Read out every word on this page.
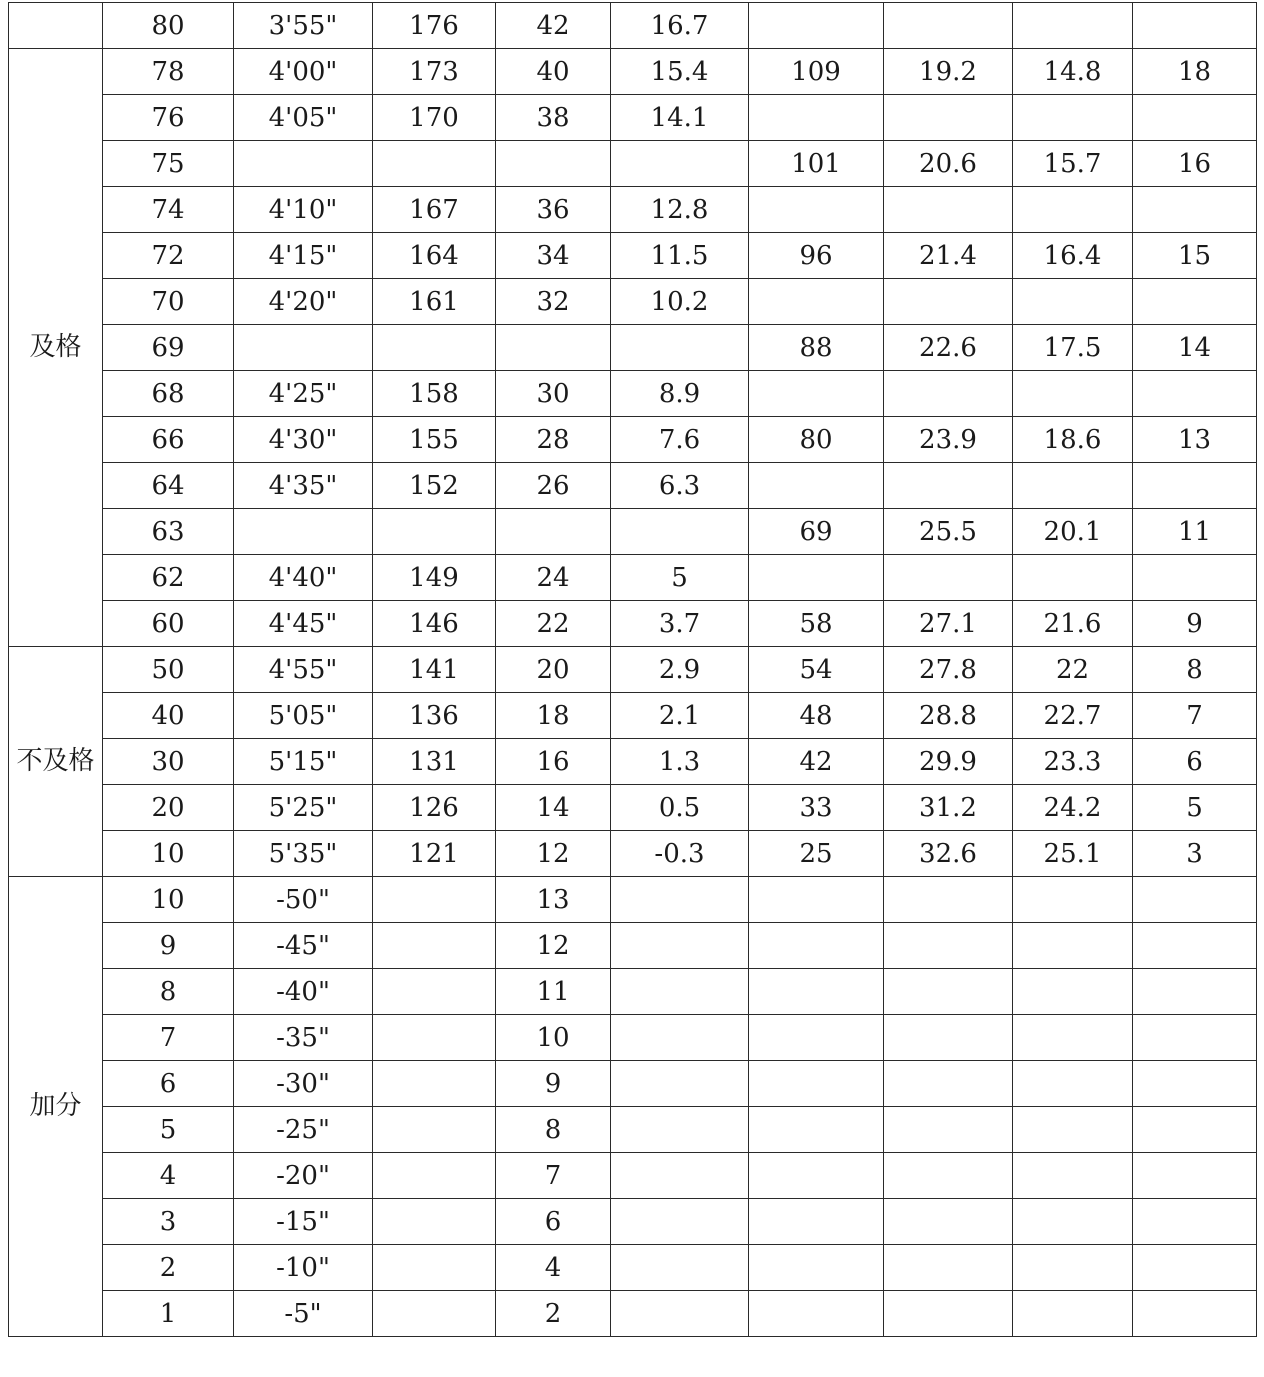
	80	3'55"	176	42	16.7				
及格	78	4'00"	173	40	15.4	109	19.2	14.8	18
	76	4'05"	170	38	14.1				
	75					101	20.6	15.7	16
	74	4'10"	167	36	12.8				
	72	4'15"	164	34	11.5	96	21.4	16.4	15
	70	4'20"	161	32	10.2				
	69					88	22.6	17.5	14
	68	4'25"	158	30	8.9				
	66	4'30"	155	28	7.6	80	23.9	18.6	13
	64	4'35"	152	26	6.3				
	63					69	25.5	20.1	11
	62	4'40"	149	24	5				
	60	4'45"	146	22	3.7	58	27.1	21.6	9
不及格	50	4'55"	141	20	2.9	54	27.8	22	8
	40	5'05"	136	18	2.1	48	28.8	22.7	7
	30	5'15"	131	16	1.3	42	29.9	23.3	6
	20	5'25"	126	14	0.5	33	31.2	24.2	5
	10	5'35"	121	12	-0.3	25	32.6	25.1	3
加分	10	-50"		13					
	9	-45"		12					
	8	-40"		11					
	7	-35"		10					
	6	-30"		9					
	5	-25"		8					
	4	-20"		7					
	3	-15"		6					
	2	-10"		4					
	1	-5"		2					
